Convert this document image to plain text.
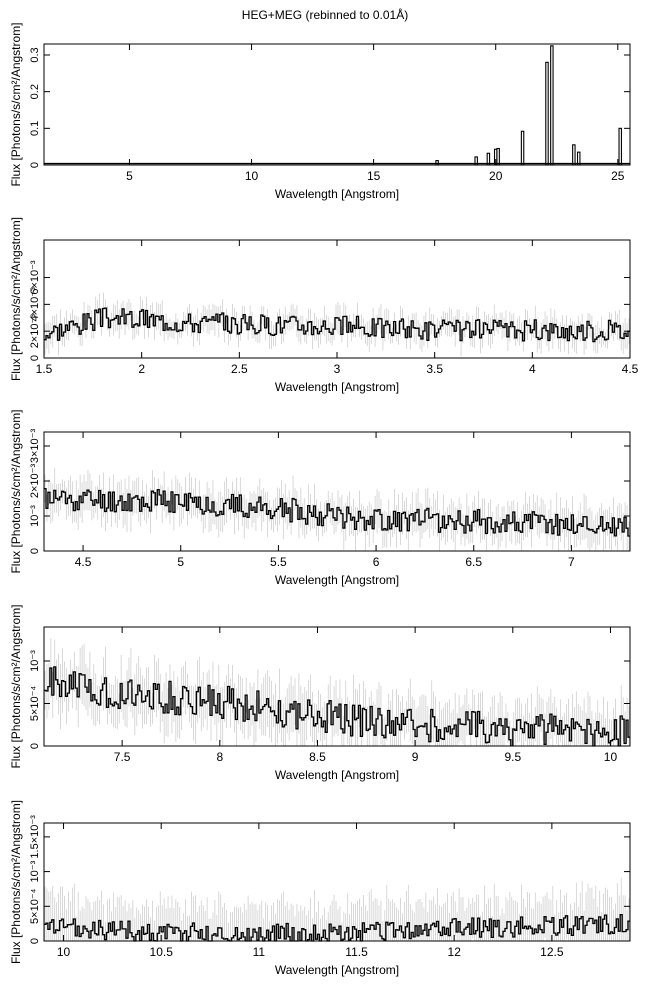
HEG+MEG (rebinned to 0.01Å)
5	10	15	20	25
0
0.1
0.2
0.3
Wavelength [Angstrom]
Flux [Photons/s/cm²/Angstrom]
1.5	2	2.5	3	3.5	4	4.5
0
2×10⁻³
4×10⁻³
6×10⁻³
Wavelength [Angstrom]
Flux [Photons/s/cm²/Angstrom]
4.5	5	5.5	6	6.5	7
0
10⁻³
2×10⁻³
3×10⁻³
Wavelength [Angstrom]
Flux [Photons/s/cm²/Angstrom]
7.5	8	8.5	9	9.5	10
0
5×10⁻⁴
10⁻³
Wavelength [Angstrom]
Flux [Photons/s/cm²/Angstrom]
10	10.5	11	11.5	12	12.5
0
5×10⁻⁴
10⁻³
1.5×10⁻³
Wavelength [Angstrom]
Flux [Photons/s/cm²/Angstrom]
